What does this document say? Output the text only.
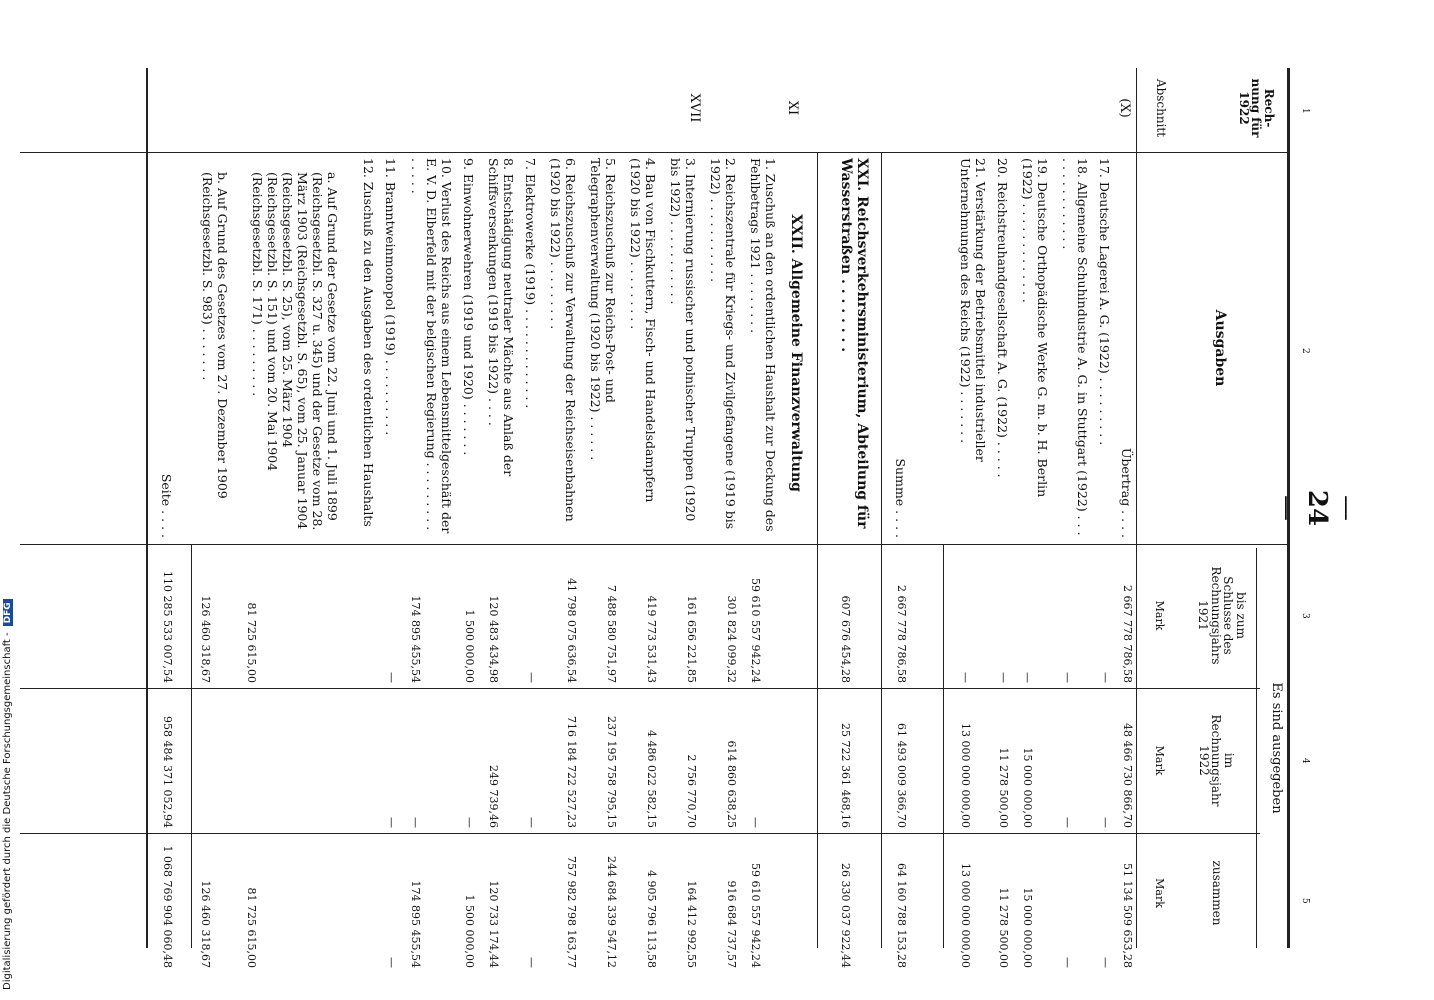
Digitalisierung gefördert durch die Deutsche Forschungsgemeinschaft -DFG
—24—
1
2
3
4
5
Rech-
nung für
1922
Abschnitt
Ausgaben
Es sind ausgegeben
bis zum
Schlusse des
Rechnungsjahrs
1921
Mark
im
Rechnungsjahr
1922
Mark
zusammen
Mark
(X)
XI
XVII
Übertrag . . . .
2 667 778 786,58
48 466 730 866,70
51 134 509 653,28
17. Deutsche Lagerei A. G. (1922) . . . . . . . . .
—
—
—
18. Allgemeine Schuhindustrie A. G. in Stuttgart (1922) . . . . . . . . . . . . . . .
—
—
—
19. Deutsche Orthopädische Werke G. m. b. H. Berlin (1922) . . . . . . . . . . . . .
—
15 000 000,00
15 000 000,00
20. Reichstreuhandgesellschaft A. G. (1922) . . . . .
—
11 278 500,00
11 278 500,00
21. Verstärkung der Betriebsmittel industrieller Unternehmungen des Reichs (1922) . . . . . . .
—
13 000 000 000,00
13 000 000 000,00
Summe . . . .
2 667 778 786,58
61 493 009 366,70
64 160 788 153,28
XXI. Reichsverkehrsministerium, Abteilung für Wasserstraßen . . . . . . . .
607 676 454,28
25 722 361 468,16
26 330 037 922,44
XXII. Allgemeine Finanzverwaltung
1. Zuschuß an den ordentlichen Haushalt zur Deckung des Fehlbetrags 1921 . . . . . . . .
59 610 557 942,24
—
59 610 557 942,24
2. Reichszentrale für Kriegs- und Zivilgefangene (1919 bis 1922) . . . . . . . . . . .
301 824 099,32
614 860 638,25
916 684 737,57
3. Internierung russischer und polnischer Truppen (1920 bis 1922) . . . . . . . . . . .
161 656 221,85
2 756 770,70
164 412 992,55
4. Bau von Fischkuttern, Fisch- und Handelsdampfern (1920 bis 1922) . . . . . . . . .
419 773 531,43
4 486 022 582,15
4 905 796 113,58
5. Reichszuschuß zur Reichs-Post- und Telegraphenverwaltung (1920 bis 1922) . . . . . .
7 488 580 751,97
237 195 758 795,15
244 684 339 547,12
6. Reichszuschuß zur Verwaltung der Reichseisenbahnen (1920 bis 1922) . . . . . . . . .
41 798 075 636,54
716 184 722 527,23
757 982 798 163,77
7. Elektrowerke (1919) . . . . . . . . . . . . .
—
—
—
8. Entschädigung neutraler Mächte aus Anlaß der Schiffsversenkungen (1919 bis 1922) . . . .
120 483 434,98
249 739,46
120 733 174,44
9. Einwohnerwehren (1919 und 1920) . . . . . . .
1 500 000,00
—
1 500 000,00
10. Verlust des Reichs aus einem Lebensmittelgeschäft der E. V. D. Elberfeld mit der belgischen Regierung . . . . . . . . . . . . . .
174 895 455,54
—
174 895 455,54
11. Branntweinmonopol (1919) . . . . . . . . . .
—
—
—
12. Zuschuß zu den Ausgaben des ordentlichen Haushalts
a. Auf Grund der Gesetze vom 22. Juni und 1. Juli 1899 (Reichsgesetzbl. S. 327 u. 345) und der Gesetze vom 28. März 1903 (Reichsgesetzbl. S. 65), vom 25. Januar 1904 (Reichsgesetzbl. S. 25), vom 25. März 1904 (Reichsgesetzbl. S. 151) und vom 20. Mai 1904 (Reichsgesetzbl. S. 171) . . . . . . . . .
81 725 615,00
81 725 615,00
b. Auf Grund des Gesetzes vom 27. Dezember 1909 (Reichsgesetzbl. S. 983) . . . . . . .
126 460 318,67
126 460 318,67
Seite . . . .
110 285 533 007,54
958 484 371 052,94
1 068 769 904 060,48
